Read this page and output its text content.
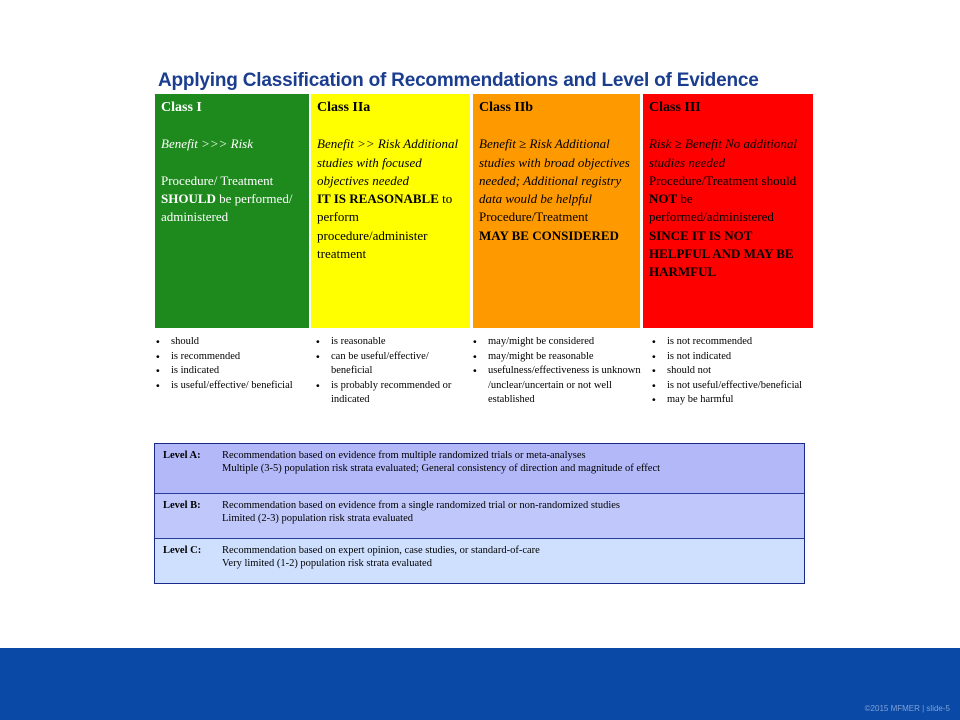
Applying Classification of Recommendations and Level of Evidence
Class I
Benefit >>> Risk
Procedure/ Treatment
SHOULD be performed/ administered
Class IIa
Benefit >> Risk Additional studies with focused objectives needed
IT IS REASONABLE to perform procedure/administer treatment
Class IIb
Benefit ≥ Risk Additional studies with broad objectives needed; Additional registry data would be helpful
Procedure/Treatment
MAY BE CONSIDERED
Class III
Risk ≥ Benefit No additional studies needed
Procedure/Treatment should NOT be performed/administered
SINCE IT IS NOT HELPFUL AND MAY BE HARMFUL
• should
• is recommended
• is indicated
• is useful/effective/ beneficial
• is reasonable
• can be useful/effective/ beneficial
• is probably recommended or indicated
• may/might be considered
• may/might be reasonable
• usefulness/effectiveness is unknown /unclear/uncertain or not well established
• is not recommended
• is not indicated
• should not
• is not useful/effective/beneficial
• may be harmful
Level A: Recommendation based on evidence from multiple randomized trials or meta-analyses
Multiple (3-5) population risk strata evaluated; General consistency of direction and magnitude of effect
Level B: Recommendation based on evidence from a single randomized trial or non-randomized studies
Limited (2-3) population risk strata evaluated
Level C: Recommendation based on expert opinion, case studies, or standard-of-care
Very limited (1-2) population risk strata evaluated
©2015 MFMER | slide-5
